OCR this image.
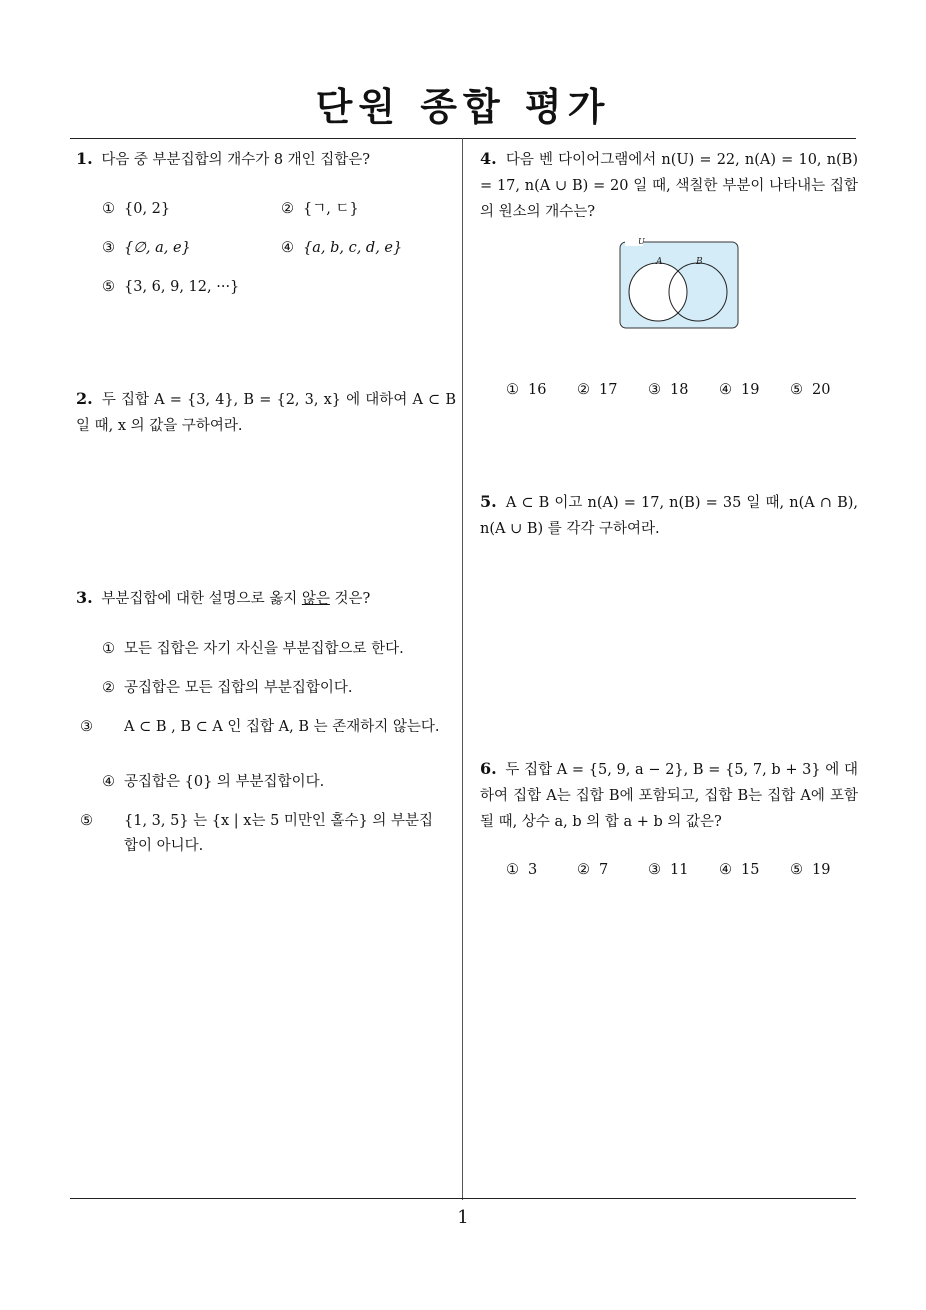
단원 종합 평가
1. 다음 중 부분집합의 개수가 8 개인 집합은?
① {0, 2}	② {ㄱ, ㄷ}
③ {∅, a, e}	④ {a, b, c, d, e}
⑤ {3, 6, 9, 12, ···}
2. 두 집합 A = {3, 4}, B = {2, 3, x} 에 대하여 A ⊂ B 일 때, x 의 값을 구하여라.
3. 부분집합에 대한 설명으로 옳지 않은 것은?
① 모든 집합은 자기 자신을 부분집합으로 한다.
② 공집합은 모든 집합의 부분집합이다.
③ A ⊂ B , B ⊂ A 인 집합 A, B 는 존재하지 않는다.
④ 공집합은 {0} 의 부분집합이다.
⑤ {1, 3, 5} 는 {x | x는 5 미만인 홀수} 의 부분집합이 아니다.
4. 다음 벤 다이어그램에서 n(U) = 22, n(A) = 10, n(B) = 17, n(A ∪ B) = 20 일 때, 색칠한 부분이 나타내는 집합의 원소의 개수는?
U
A	B
① 16 ② 17 ③ 18 ④ 19 ⑤ 20
5. A ⊂ B 이고 n(A) = 17, n(B) = 35 일 때, n(A ∩ B), n(A ∪ B) 를 각각 구하여라.
6. 두 집합 A = {5, 9, a − 2}, B = {5, 7, b + 3} 에 대하여 집합 A는 집합 B에 포함되고, 집합 B는 집합 A에 포함될 때, 상수 a, b 의 합 a + b 의 값은?
① 3	② 7	③ 11 ④ 15 ⑤ 19
1
